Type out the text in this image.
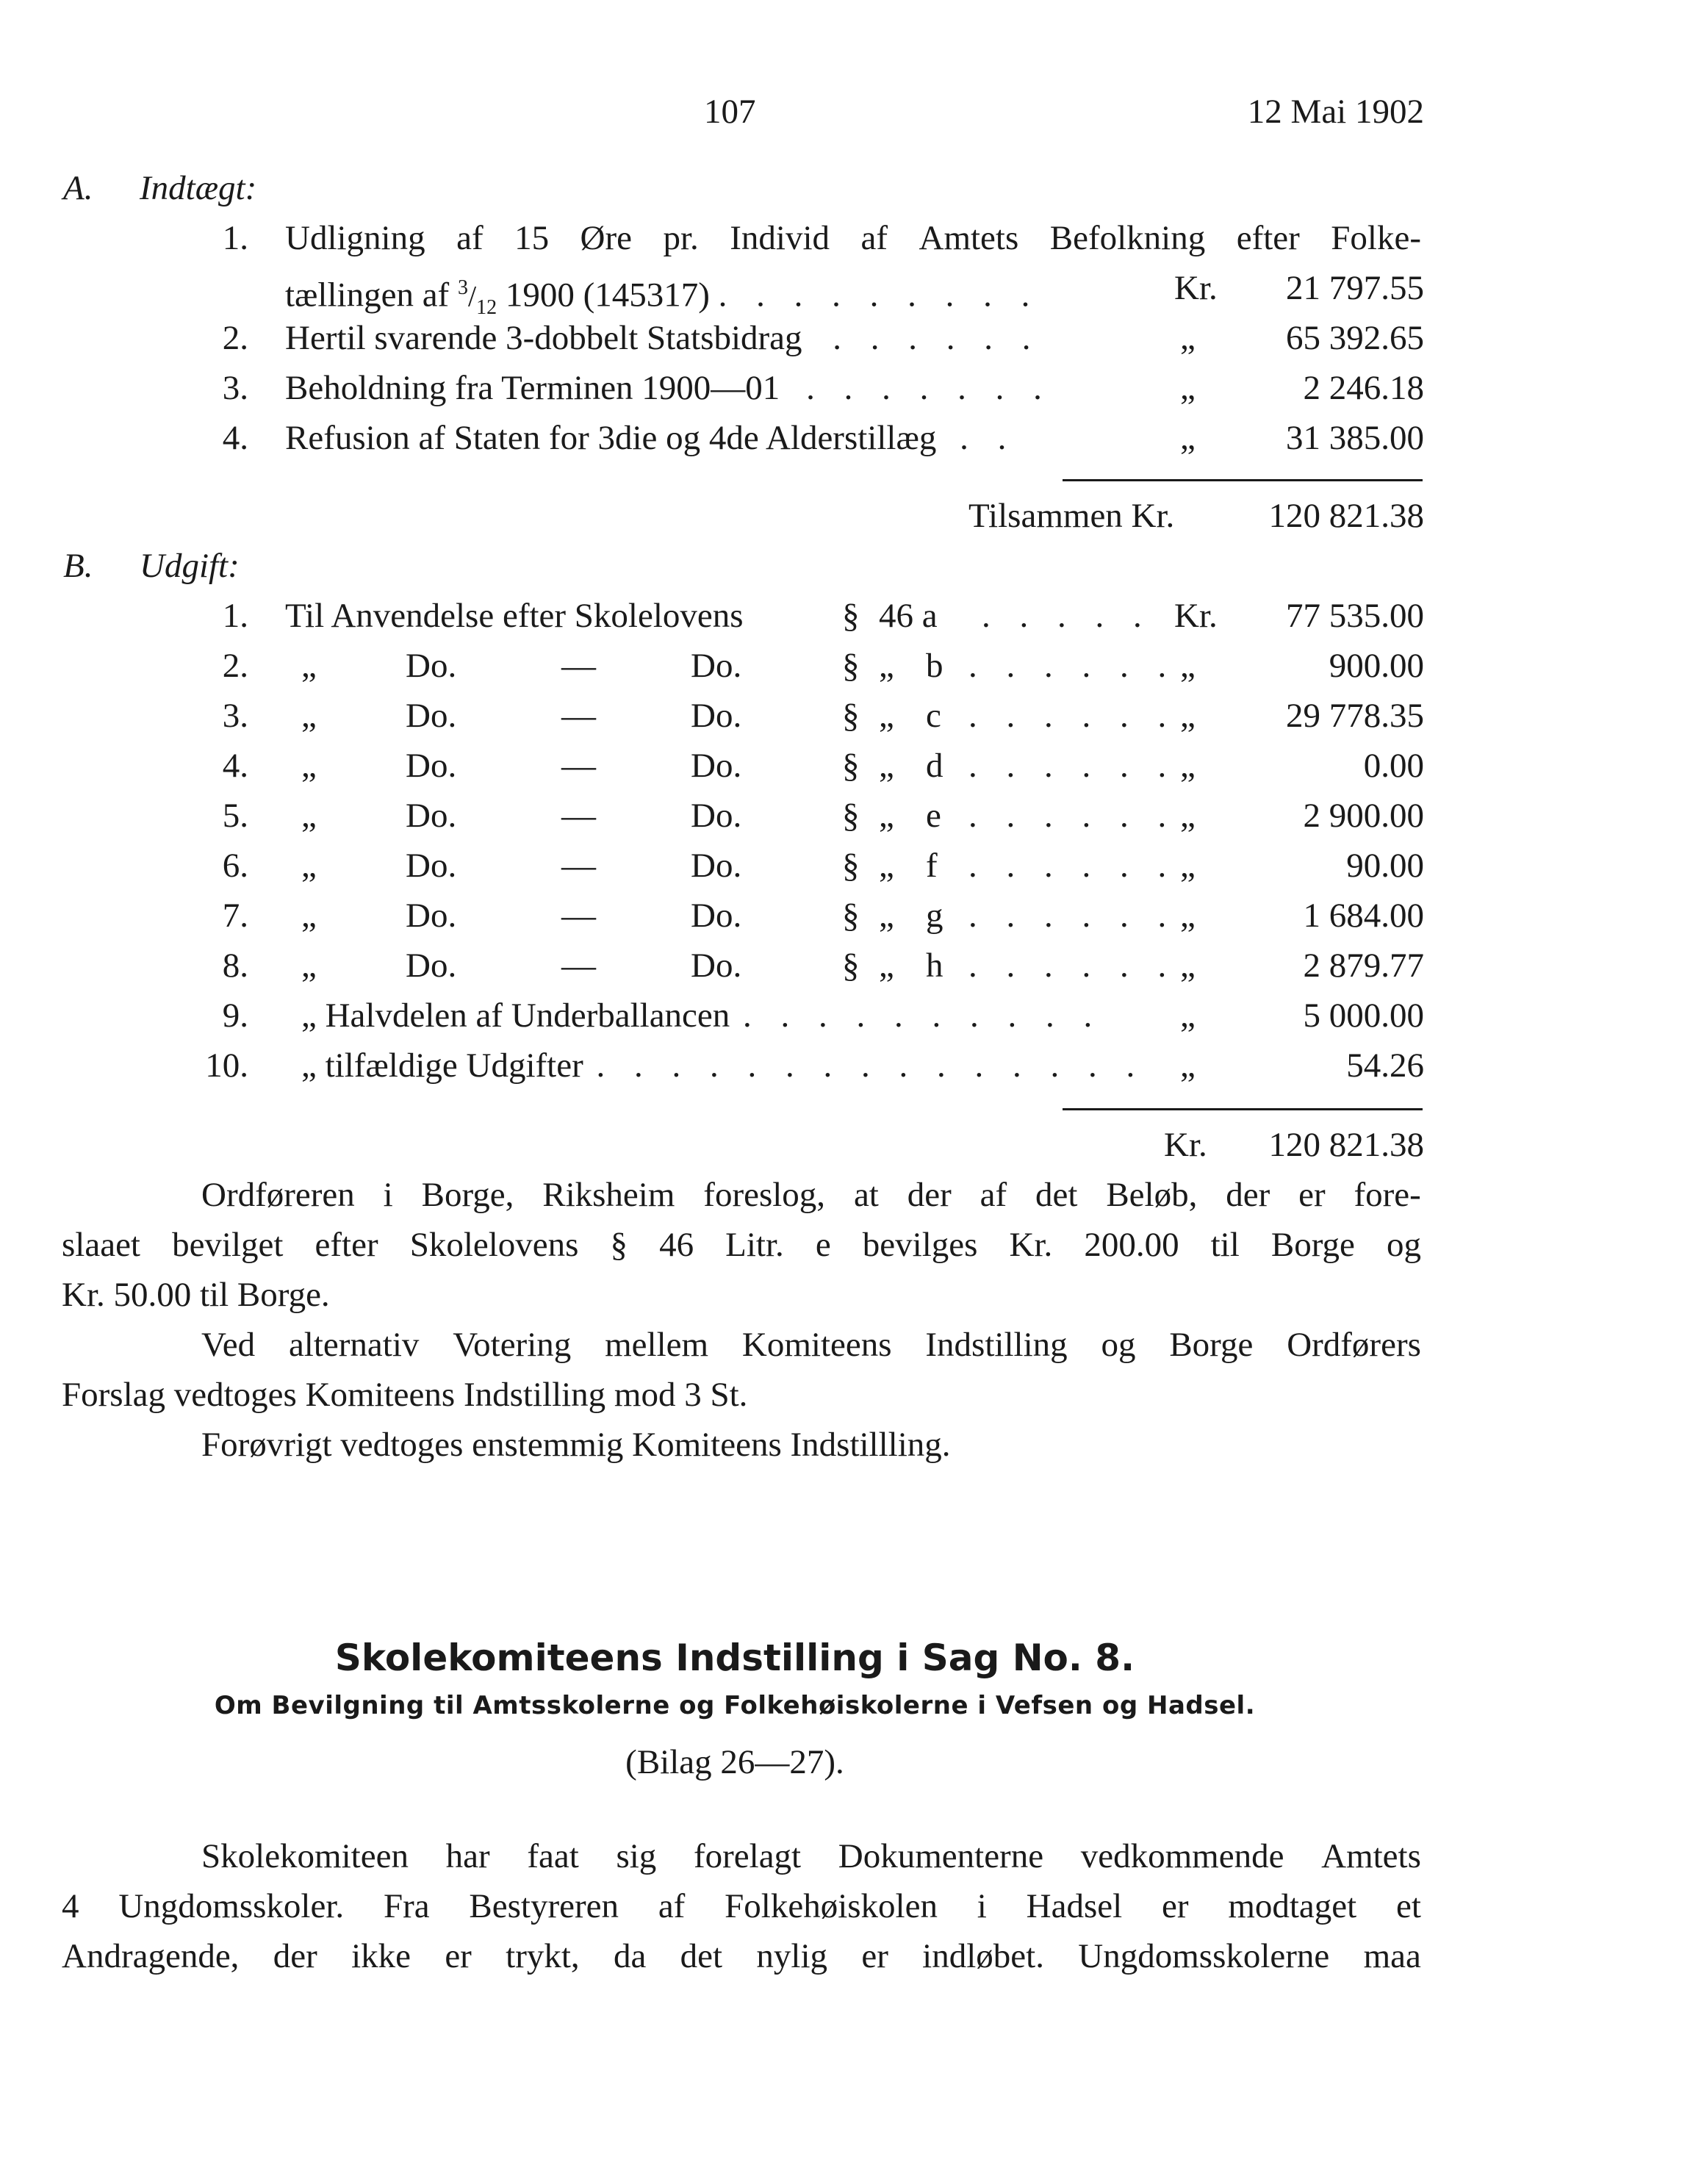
107	12 Mai 1902
A. Indtægt:
1. Udligning af 15 Øre pr. Individ af Amtets Befolkning efter Folke-
tællingen af $^3/_{12}$ 1900 (145317) . . . . . . . . .	Kr. 21 797.55
2. Hertil svarende 3-dobbelt Statsbidrag . . . . . .	„	65 392.65
3. Beholdning fra Terminen 1900—01 . . . . . . .	„	2 246.18
4. Refusion af Staten for 3die og 4de Alderstillæg . .	„	31 385.00
Tilsammen Kr.	120 821.38
B. Udgift:
1. Til Anvendelse efter Skolelovens	§ 46 a . . . . . Kr. 77 535.00
2. „	Do.	—	Do.	§ „ b . . . . . . „	900.00
3. „	Do.	—	Do.	§ „ c . . . . . . „	29 778.35
4. „	Do.	—	Do.	§ „ d . . . . . . „	0.00
5. „	Do.	—	Do.	§ „ e . . . . . . „	2 900.00
6. „	Do.	—	Do.	§ „ f . . . . . . „	90.00
7. „	Do.	—	Do.	§ „ g . . . . . . „	1 684.00
8. „	Do.	—	Do.	§ „ h . . . . . . „	2 879.77
9. „ Halvdelen af Underballancen . . . . . . . . . . „	5 000.00
10. „ tilfældige Udgifter . . . . . . . . . . . . . . . „	54.26
Kr. 120 821.38
Ordføreren i Borge, Riksheim foreslog, at der af det Beløb, der er fore-
slaaet bevilget efter Skolelovens § 46 Litr. e bevilges Kr. 200.00 til Borge og
Kr. 50.00 til Borge.
Ved alternativ Votering mellem Komiteens Indstilling og Borge Ordførers
Forslag vedtoges Komiteens Indstilling mod 3 St.
Forøvrigt vedtoges enstemmig Komiteens Indstillling.
Skolekomiteens Indstilling i Sag No. 8.
Om Bevilgning til Amtsskolerne og Folkehøiskolerne i Vefsen og Hadsel.
(Bilag 26—27).
Skolekomiteen har faat sig forelagt Dokumenterne vedkommende Amtets
4 Ungdomsskoler. Fra Bestyreren af Folkehøiskolen i Hadsel er modtaget et
Andragende, der ikke er trykt, da det nylig er indløbet. Ungdomsskolerne maa
